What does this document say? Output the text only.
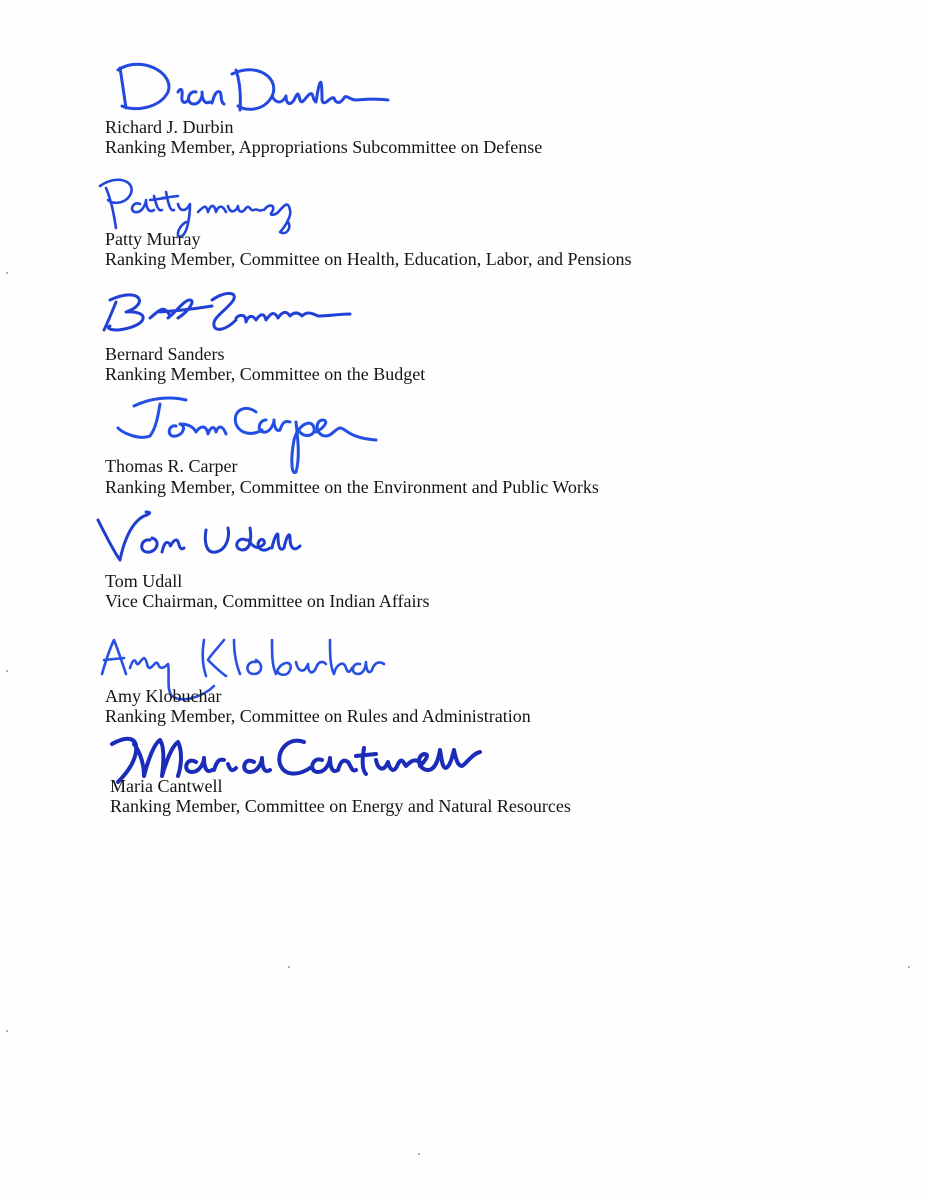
Richard J. Durbin
Ranking Member, Appropriations Subcommittee on Defense
Patty Murray
Ranking Member, Committee on Health, Education, Labor, and Pensions
Bernard Sanders
Ranking Member, Committee on the Budget
Thomas R. Carper
Ranking Member, Committee on the Environment and Public Works
Tom Udall
Vice Chairman, Committee on Indian Affairs
Amy Klobuchar
Ranking Member, Committee on Rules and Administration
Maria Cantwell
Ranking Member, Committee on Energy and Natural Resources
